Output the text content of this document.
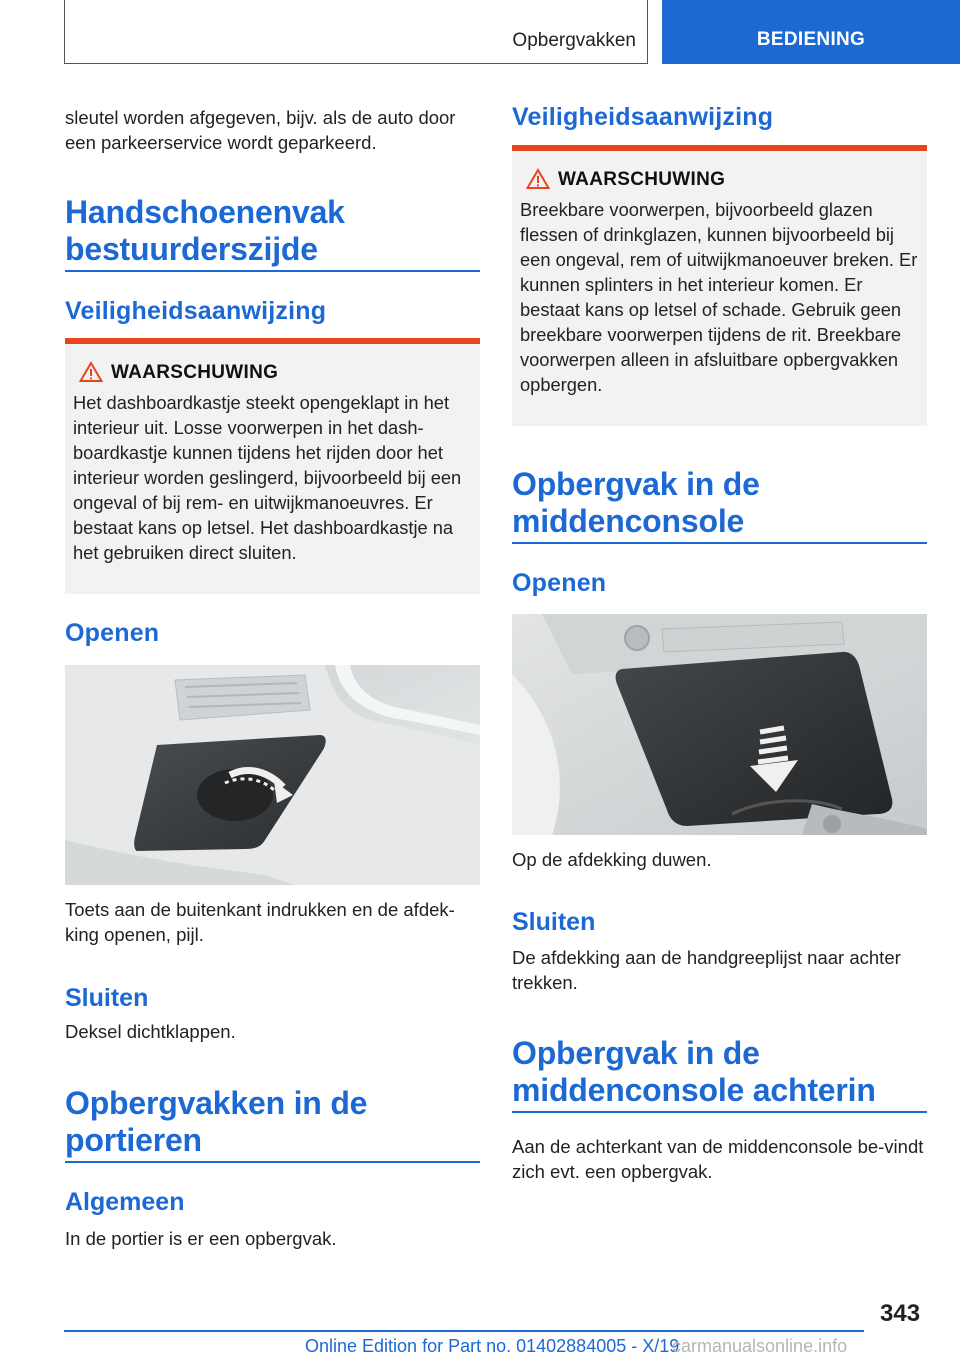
Opbergvakken	BEDIENING

sleutel worden afgegeven, bijv. als de auto door een parkeerservice wordt geparkeerd.

Handschoenenvak bestuurderszijde
Veiligheidsaanwijzing
WAARSCHUWING

Het dashboardkastje steekt opengeklapt in het interieur uit. Losse voorwerpen in het dash‐boardkastje kunnen tijdens het rijden door het interieur worden geslingerd, bijvoorbeeld bij een ongeval of bij rem- en uitwijkmanoeuvres. Er bestaat kans op letsel. Het dashboardkastje na het gebruiken direct sluiten.

Openen

Toets aan de buitenkant indrukken en de afdek‐king openen, pijl.

Sluiten

Deksel dichtklappen.

Opbergvakken in de portieren
Algemeen

In de portier is er een opbergvak.

Veiligheidsaanwijzing
WAARSCHUWING

Breekbare voorwerpen, bijvoorbeeld glazen flessen of drinkglazen, kunnen bijvoorbeeld bij een ongeval, rem of uitwijkmanoeuver breken. Er kunnen splinters in het interieur komen. Er bestaat kans op letsel of schade. Gebruik geen breekbare voorwerpen tijdens de rit. Breekbare voorwerpen alleen in afsluitbare opbergvakken opbergen.

Opbergvak in de middenconsole
Openen

Op de afdekking duwen.

Sluiten

De afdekking aan de handgreeplijst naar achter trekken.

Opbergvak in de middenconsole achterin

Aan de achterkant van de middenconsole be‐vindt zich evt. een opbergvak.

343
Online Edition for Part no. 01402884005 - X/19
carmanualsonline.info
